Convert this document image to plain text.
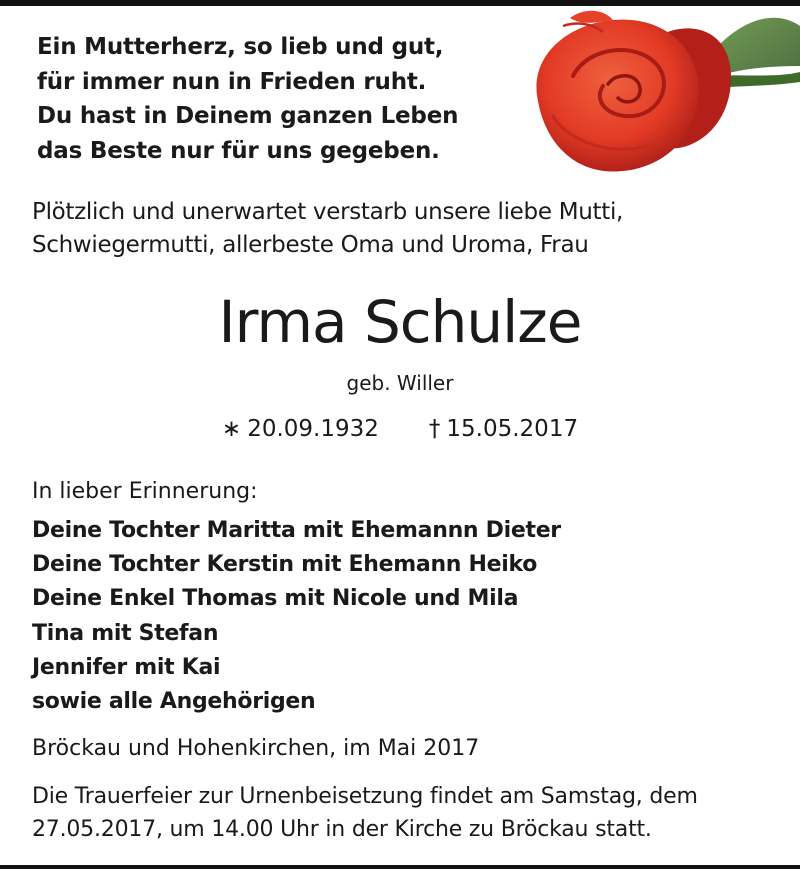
Ein Mutterherz, so lieb und gut,
für immer nun in Frieden ruht.
Du hast in Deinem ganzen Leben
das Beste nur für uns gegeben.
Plötzlich und unerwartet verstarb unsere liebe Mutti,
Schwiegermutti, allerbeste Oma und Uroma, Frau
Irma Schulze
geb. Willer
∗ 20.09.1932 † 15.05.2017
In lieber Erinnerung:
Deine Tochter Maritta mit Ehemannn Dieter
Deine Tochter Kerstin mit Ehemann Heiko
Deine Enkel Thomas mit Nicole und Mila
Tina mit Stefan
Jennifer mit Kai
sowie alle Angehörigen
Bröckau und Hohenkirchen, im Mai 2017
Die Trauerfeier zur Urnenbeisetzung findet am Samstag, dem
27.05.2017, um 14.00 Uhr in der Kirche zu Bröckau statt.
